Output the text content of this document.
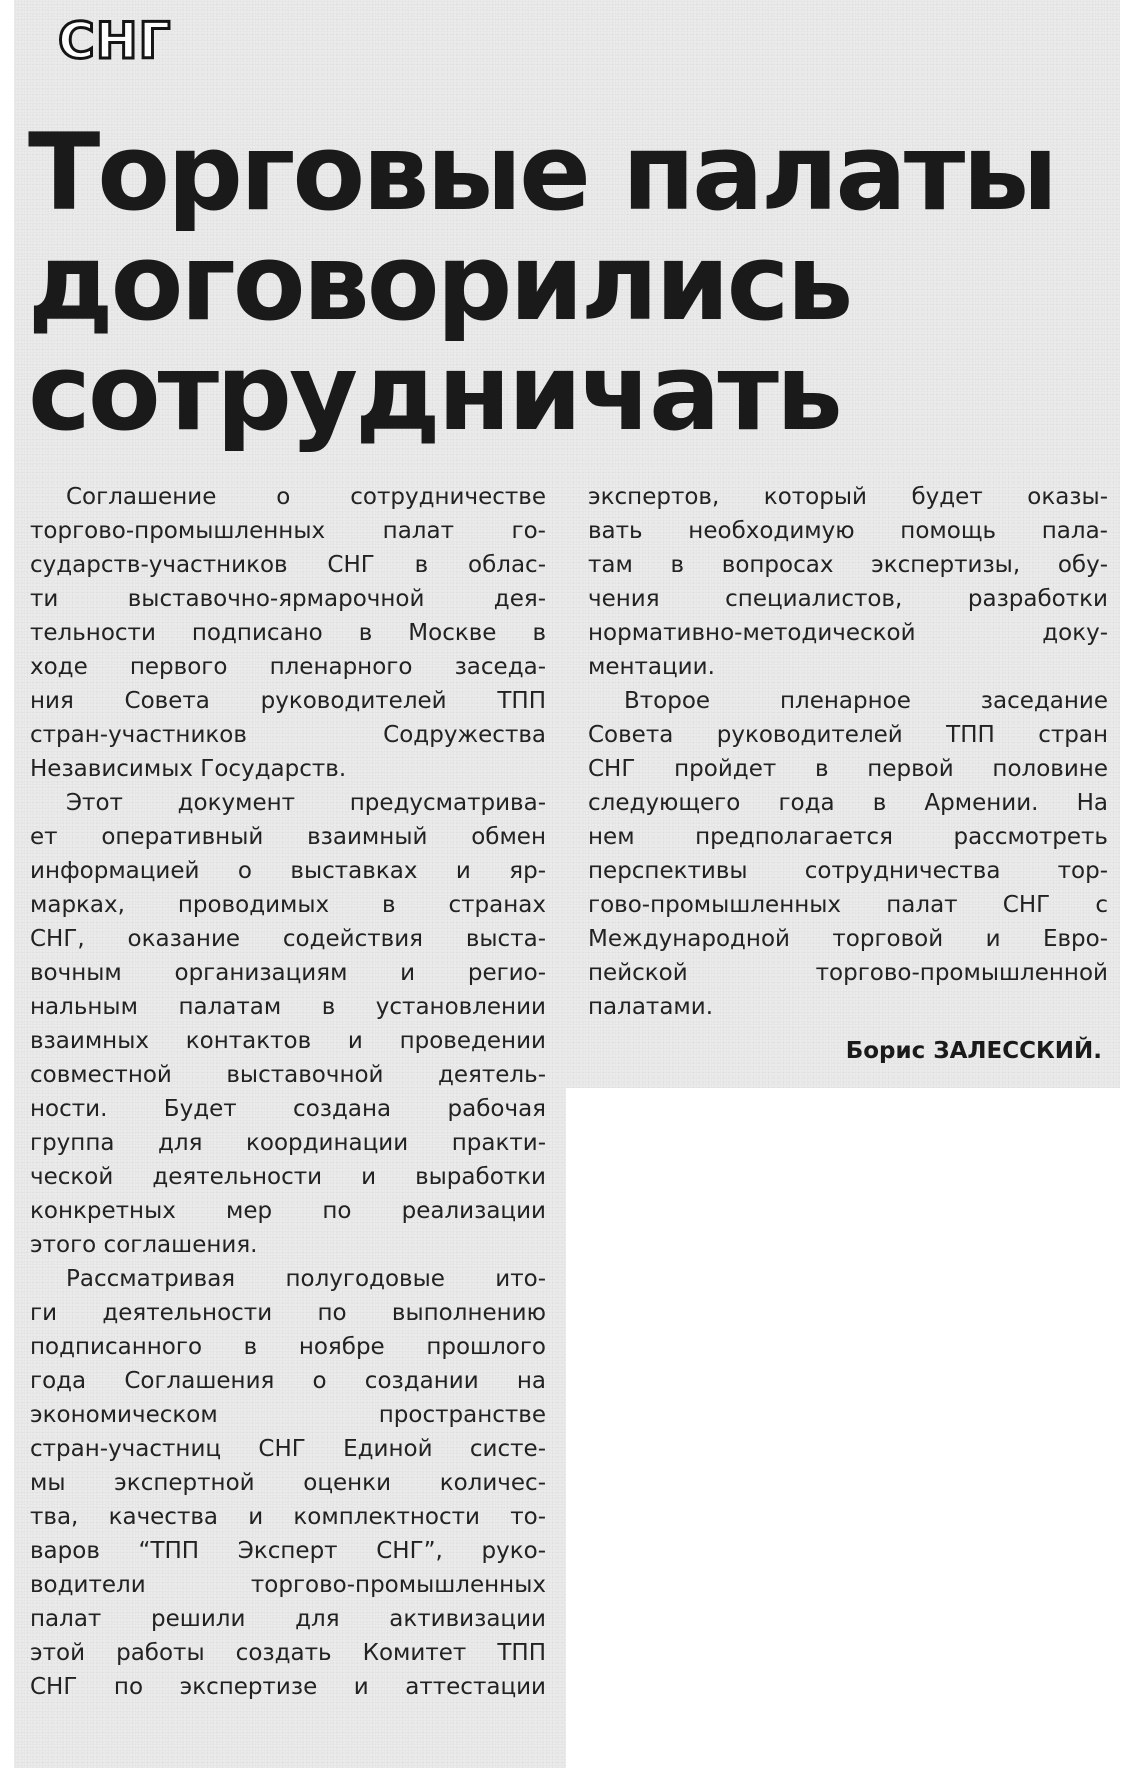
СНГ
Торговые палаты
договорились
сотрудничать
Соглашение о сотрудничестве
торгово-промышленных палат го-
сударств-участников СНГ в облас-
ти выставочно-ярмарочной дея-
тельности подписано в Москве в
ходе первого пленарного заседа-
ния Совета руководителей ТПП
стран-участников Содружества
Независимых Государств.
Этот документ предусматрива-
ет оперативный взаимный обмен
информацией о выставках и яр-
марках, проводимых в странах
СНГ, оказание содействия выста-
вочным организациям и регио-
нальным палатам в установлении
взаимных контактов и проведении
совместной выставочной деятель-
ности. Будет создана рабочая
группа для координации практи-
ческой деятельности и выработки
конкретных мер по реализации
этого соглашения.
Рассматривая полугодовые ито-
ги деятельности по выполнению
подписанного в ноябре прошлого
года Соглашения о создании на
экономическом пространстве
стран-участниц СНГ Единой систе-
мы экспертной оценки количес-
тва, качества и комплектности то-
варов “ТПП Эксперт СНГ”, руко-
водители торгово-промышленных
палат решили для активизации
этой работы создать Комитет ТПП
СНГ по экспертизе и аттестации
экспертов, который будет оказы-
вать необходимую помощь пала-
там в вопросах экспертизы, обу-
чения специалистов, разработки
нормативно-методической доку-
ментации.
Второе пленарное заседание
Совета руководителей ТПП стран
СНГ пройдет в первой половине
следующего года в Армении. На
нем предполагается рассмотреть
перспективы сотрудничества тор-
гово-промышленных палат СНГ с
Международной торговой и Евро-
пейской торгово-промышленной
палатами.
Борис ЗАЛЕССКИЙ.
